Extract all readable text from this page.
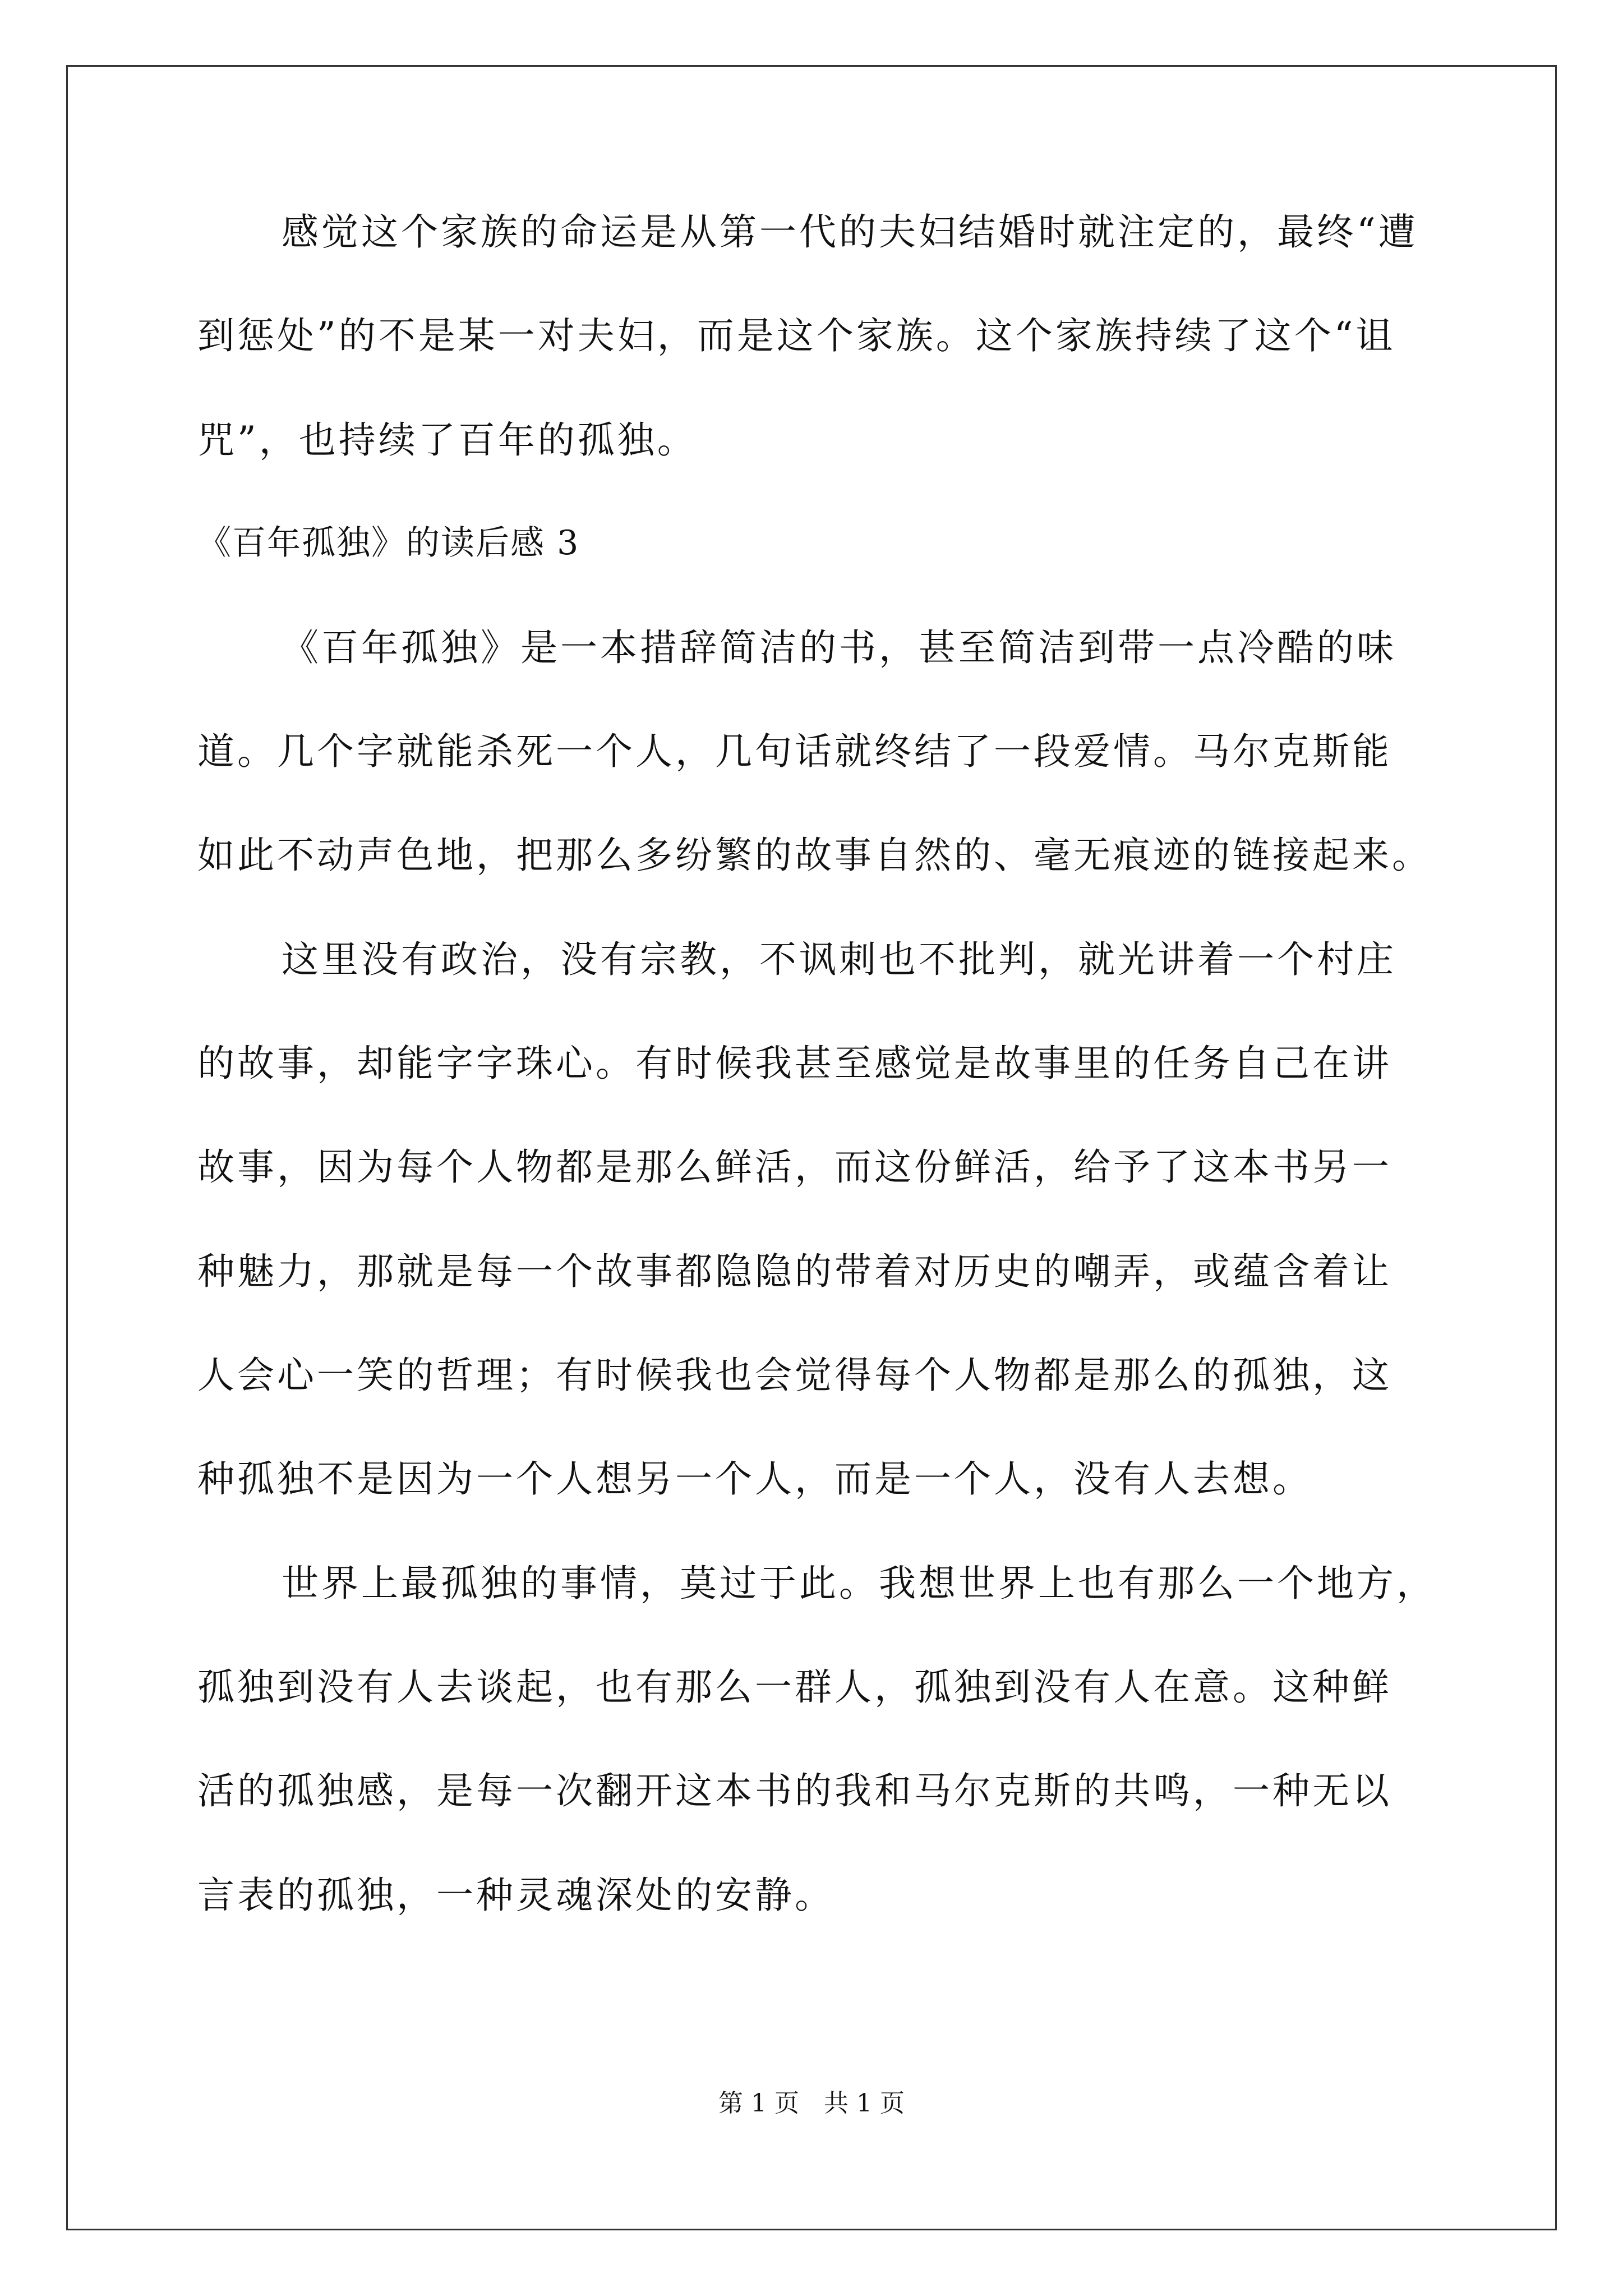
感觉这个家族的命运是从第一代的夫妇结婚时就注定的，最终“遭
到惩处”的不是某一对夫妇，而是这个家族。这个家族持续了这个“诅
咒”，也持续了百年的孤独。
《百年孤独》的读后感 3
《百年孤独》是一本措辞简洁的书，甚至简洁到带一点冷酷的味
道。几个字就能杀死一个人，几句话就终结了一段爱情。马尔克斯能
如此不动声色地，把那么多纷繁的故事自然的、毫无痕迹的链接起来。
这里没有政治，没有宗教，不讽刺也不批判，就光讲着一个村庄
的故事，却能字字珠心。有时候我甚至感觉是故事里的任务自己在讲
故事，因为每个人物都是那么鲜活，而这份鲜活，给予了这本书另一
种魅力，那就是每一个故事都隐隐的带着对历史的嘲弄，或蕴含着让
人会心一笑的哲理；有时候我也会觉得每个人物都是那么的孤独，这
种孤独不是因为一个人想另一个人，而是一个人，没有人去想。
世界上最孤独的事情，莫过于此。我想世界上也有那么一个地方，
孤独到没有人去谈起，也有那么一群人，孤独到没有人在意。这种鲜
活的孤独感，是每一次翻开这本书的我和马尔克斯的共鸣，一种无以
言表的孤独，一种灵魂深处的安静。
第 1 页　共 1 页
